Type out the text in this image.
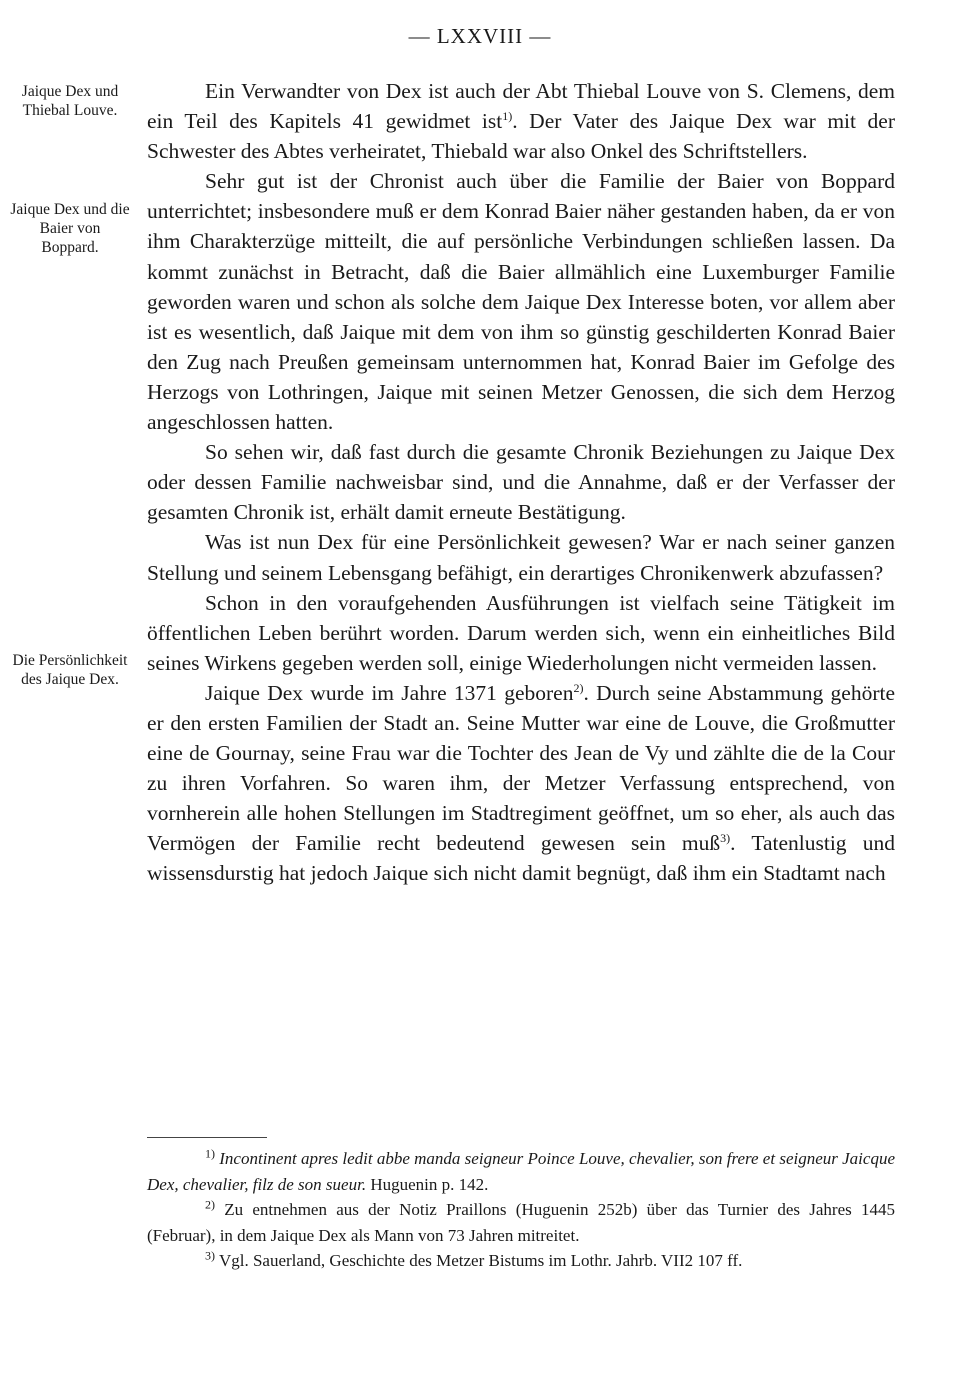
— LXXVIII —
Jaique Dex und Thiebal Louve.
Jaique Dex und die Baier von Boppard.
Die Persönlichkeit des Jaique Dex.

Ein Verwandter von Dex ist auch der Abt Thiebal Louve von S. Clemens, dem ein Teil des Kapitels 41 gewidmet ist$^{1)}$. Der Vater des Jaique Dex war mit der Schwester des Abtes verheiratet, Thiebald war also Onkel des Schriftstellers.

Sehr gut ist der Chronist auch über die Familie der Baier von Boppard unterrichtet; insbesondere muß er dem Konrad Baier näher gestanden haben, da er von ihm Charakterzüge mitteilt, die auf persönliche Verbindungen schließen lassen. Da kommt zunächst in Betracht, daß die Baier allmählich eine Luxemburger Familie geworden waren und schon als solche dem Jaique Dex Interesse boten, vor allem aber ist es wesentlich, daß Jaique mit dem von ihm so günstig geschilderten Konrad Baier den Zug nach Preußen gemeinsam unternommen hat, Konrad Baier im Gefolge des Herzogs von Lothringen, Jaique mit seinen Metzer Genossen, die sich dem Herzog angeschlossen hatten.

So sehen wir, daß fast durch die gesamte Chronik Beziehungen zu Jaique Dex oder dessen Familie nachweisbar sind, und die Annahme, daß er der Verfasser der gesamten Chronik ist, erhält damit erneute Bestätigung.

Was ist nun Dex für eine Persönlichkeit gewesen? War er nach seiner ganzen Stellung und seinem Lebensgang befähigt, ein derartiges Chronikenwerk abzufassen?

Schon in den voraufgehenden Ausführungen ist vielfach seine Tätigkeit im öffentlichen Leben berührt worden. Darum werden sich, wenn ein einheitliches Bild seines Wirkens gegeben werden soll, einige Wiederholungen nicht vermeiden lassen.

Jaique Dex wurde im Jahre 1371 geboren$^{2)}$. Durch seine Abstammung gehörte er den ersten Familien der Stadt an. Seine Mutter war eine de Louve, die Großmutter eine de Gournay, seine Frau war die Tochter des Jean de Vy und zählte die de la Cour zu ihren Vorfahren. So waren ihm, der Metzer Verfassung entsprechend, von vornherein alle hohen Stellungen im Stadtregiment geöffnet, um so eher, als auch das Vermögen der Familie recht bedeutend gewesen sein muß$^{3)}$. Tatenlustig und wissensdurstig hat jedoch Jaique sich nicht damit begnügt, daß ihm ein Stadtamt nach

$^{1)}$ Incontinent apres ledit abbe manda seigneur Poince Louve, chevalier, son frere et seigneur Jaicque Dex, chevalier, filz de son sueur. Huguenin p. 142.

$^{2)}$ Zu entnehmen aus der Notiz Praillons (Huguenin 252b) über das Turnier des Jahres 1445 (Februar), in dem Jaique Dex als Mann von 73 Jahren mitreitet.

$^{3)}$ Vgl. Sauerland, Geschichte des Metzer Bistums im Lothr. Jahrb. VII2 107 ff.
